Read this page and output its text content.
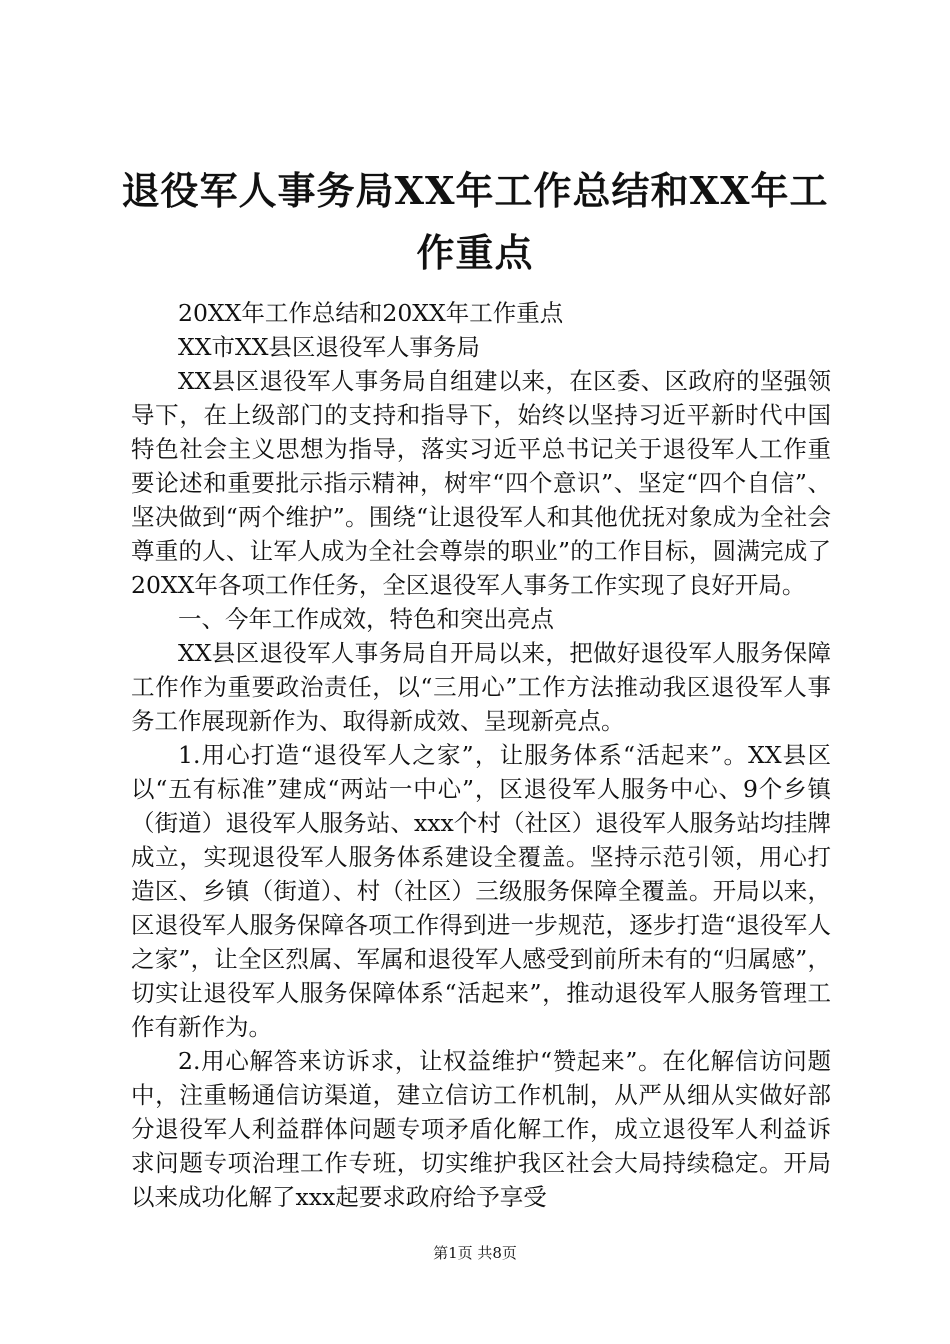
退役军人事务局XX年工作总结和XX年工作重点

20XX年工作总结和20XX年工作重点

XX市XX县区退役军人事务局

XX县区退役军人事务局自组建以来，在区委、区政府的坚强领导下，在上级部门的支持和指导下，始终以坚持习近平新时代中国特色社会主义思想为指导，落实习近平总书记关于退役军人工作重要论述和重要批示指示精神，树牢“四个意识”、坚定“四个自信”、坚决做到“两个维护”。围绕“让退役军人和其他优抚对象成为全社会尊重的人、让军人成为全社会尊崇的职业”的工作目标，圆满完成了20XX年各项工作任务，全区退役军人事务工作实现了良好开局。

一、今年工作成效，特色和突出亮点

XX县区退役军人事务局自开局以来，把做好退役军人服务保障工作作为重要政治责任，以“三用心”工作方法推动我区退役军人事务工作展现新作为、取得新成效、呈现新亮点。

1.用心打造“退役军人之家”，让服务体系“活起来”。XX县区以“五有标准”建成“两站一中心”，区退役军人服务中心、9个乡镇（街道）退役军人服务站、xxx个村（社区）退役军人服务站均挂牌成立，实现退役军人服务体系建设全覆盖。坚持示范引领，用心打造区、乡镇（街道）、村（社区）三级服务保障全覆盖。开局以来，区退役军人服务保障各项工作得到进一步规范，逐步打造“退役军人之家”，让全区烈属、军属和退役军人感受到前所未有的“归属感”，切实让退役军人服务保障体系“活起来”，推动退役军人服务管理工作有新作为。

2.用心解答来访诉求，让权益维护“赞起来”。在化解信访问题中，注重畅通信访渠道，建立信访工作机制，从严从细从实做好部分退役军人利益群体问题专项矛盾化解工作，成立退役军人利益诉求问题专项治理工作专班，切实维护我区社会大局持续稳定。开局以来成功化解了xxx起要求政府给予享受

第1页 共8页
